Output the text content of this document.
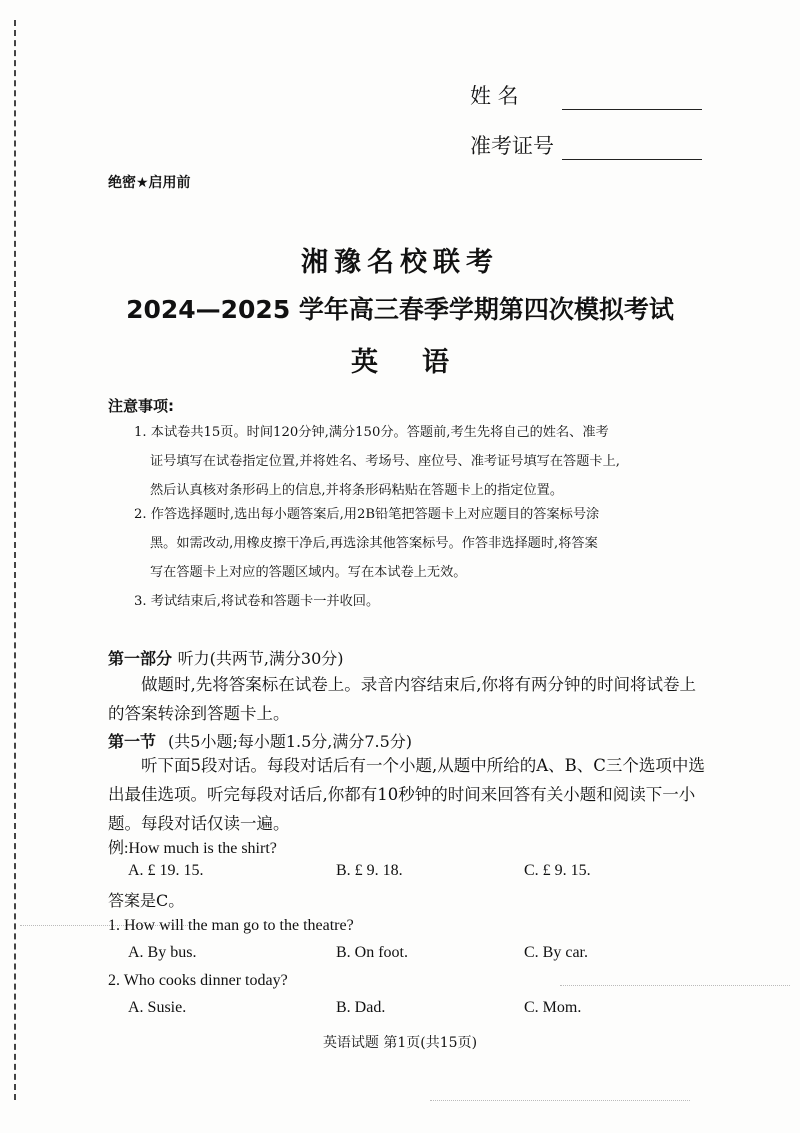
姓 名
准考证号
绝密★启用前
湘豫名校联考
2024—2025 学年高三春季学期第四次模拟考试
英语
注意事项:
1. 本试卷共15页。时间120分钟,满分150分。答题前,考生先将自己的姓名、准考
证号填写在试卷指定位置,并将姓名、考场号、座位号、准考证号填写在答题卡上,
然后认真核对条形码上的信息,并将条形码粘贴在答题卡上的指定位置。
2. 作答选择题时,选出每小题答案后,用2B铅笔把答题卡上对应题目的答案标号涂
黑。如需改动,用橡皮擦干净后,再选涂其他答案标号。作答非选择题时,将答案
写在答题卡上对应的答题区域内。写在本试卷上无效。
3. 考试结束后,将试卷和答题卡一并收回。
第一部分 听力(共两节,满分30分)
做题时,先将答案标在试卷上。录音内容结束后,你将有两分钟的时间将试卷上的答案转涂到答题卡上。
第一节 (共5小题;每小题1.5分,满分7.5分)
听下面5段对话。每段对话后有一个小题,从题中所给的A、B、C三个选项中选出最佳选项。听完每段对话后,你都有10秒钟的时间来回答有关小题和阅读下一小题。每段对话仅读一遍。
例:How much is the shirt?
A. £ 19. 15.	B. £ 9. 18.	C. £ 9. 15.
答案是C。
1. How will the man go to the theatre?
A. By bus.	B. On foot.	C. By car.
2. Who cooks dinner today?
A. Susie.	B. Dad.	C. Mom.
英语试题 第1页(共15页)
